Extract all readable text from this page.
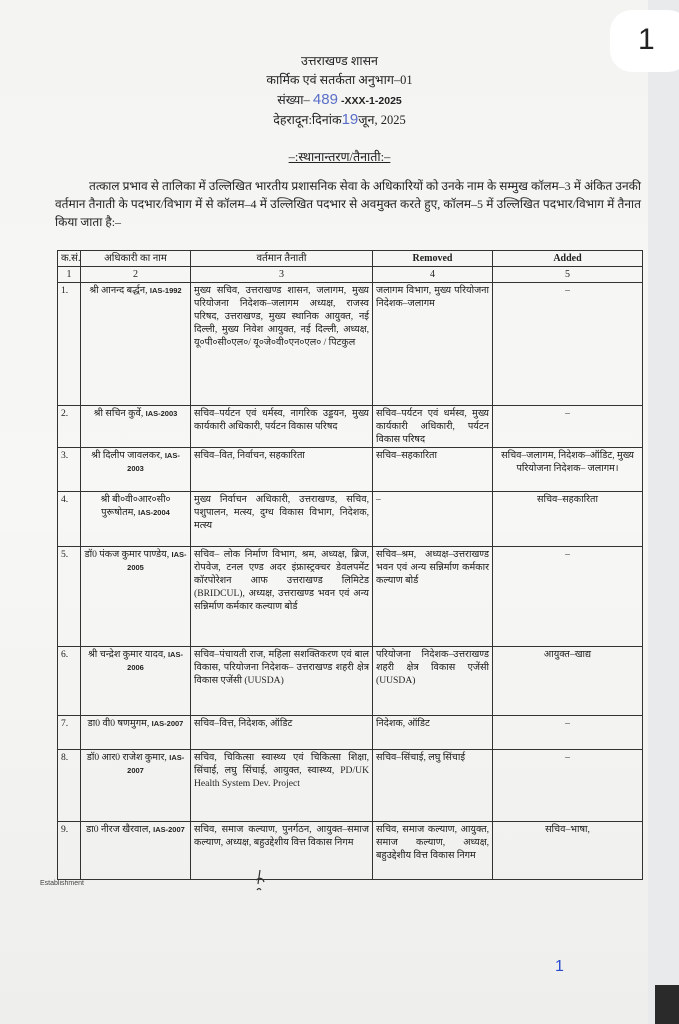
1
उत्तराखण्ड शासन
कार्मिक एवं सतर्कता अनुभाग–01
संख्या– 489 -XXX-1-2025
देहरादून:दिनांक19जून, 2025
–:स्थानान्तरण/तैनाती:–
तत्काल प्रभाव से तालिका में उल्लिखित भारतीय प्रशासनिक सेवा के अधिकारियों को उनके नाम के सम्मुख कॉलम–3 में अंकित उनकी वर्तमान तैनाती के पदभार/विभाग में से कॉलम–4 में उल्लिखित पदभार से अवमुक्त करते हुए, कॉलम–5 में उल्लिखित पदभार/विभाग में तैनात किया जाता है:–
क.सं.	अधिकारी का नाम	वर्तमान तैनाती	Removed	Added
1	2	3	4	5
1.	श्री आनन्द बर्द्धन, IAS-1992	मुख्य सचिव, उत्तराखण्ड शासन, जलागम, मुख्य परियोजना निदेशक–जलागम अध्यक्ष, राजस्व परिषद, उत्तराखण्ड, मुख्य स्थानिक आयुक्त, नई दिल्ली, मुख्य निवेश आयुक्त, नई दिल्ली, अध्यक्ष, यू०पी०सी०एल०/ यू०जे०वी०एन०एल० / पिटकुल	जलागम विभाग, मुख्य परियोजना निदेशक–जलागम	–
2.	श्री सचिन कुर्वे, IAS-2003	सचिव–पर्यटन एवं धर्मस्व, नागरिक उड्डयन, मुख्य कार्यकारी अधिकारी, पर्यटन विकास परिषद	सचिव–पर्यटन एवं धर्मस्व, मुख्य कार्यकारी अधिकारी, पर्यटन विकास परिषद	–
3.	श्री दिलीप जावलकर, IAS-2003	सचिव–वित, निर्वाचन, सहकारिता	सचिव–सहकारिता	सचिव–जलागम, निदेशक–ऑडिट, मुख्य परियोजना निदेशक– जलागम।
4.	श्री बी०वी०आर०सी० पुरूषोतम, IAS-2004	मुख्य निर्वाचन अधिकारी, उत्तराखण्ड, सचिव, पशुपालन, मत्स्य, दुग्ध विकास विभाग, निदेशक, मत्स्य	–	सचिव–सहकारिता
5.	डॉ0 पंकज कुमार पाण्डेय, IAS-2005	सचिव– लोक निर्माण विभाग, श्रम, अध्यक्ष, ब्रिज, रोपवेज, टनल एण्ड अदर इंफ्रास्ट्रक्चर डेवलपमेंट कॉरपोरेशन आफ उत्तराखण्ड लिमिटेड (BRIDCUL), अध्यक्ष, उत्तराखण्ड भवन एवं अन्य सन्निर्माण कर्मकार कल्याण बोर्ड	सचिव–श्रम, अध्यक्ष–उत्तराखण्ड भवन एवं अन्य सन्निर्माण कर्मकार कल्याण बोर्ड	–
6.	श्री चन्द्रेश कुमार यादव, IAS-2006	सचिव–पंचायती राज, महिला सशक्तिकरण एवं बाल विकास, परियोजना निदेशक– उत्तराखण्ड शहरी क्षेत्र विकास एजेंसी (UUSDA)	परियोजना निदेशक–उत्तराखण्ड शहरी क्षेत्र विकास एजेंसी (UUSDA)	आयुक्त–खाद्य
7.	डा0 वी0 षणमुगम, IAS-2007	सचिव–वित्त, निदेशक, ऑडिट	निदेशक, ऑडिट	–
8.	डॉ0 आर0 राजेश कुमार, IAS-2007	सचिव, चिकित्सा स्वास्थ्य एवं चिकित्सा शिक्षा, सिंचाई, लघु सिंचाई, आयुक्त, स्वास्थ्य, PD/UK Health System Dev. Project	सचिव–सिंचाई, लघु सिंचाई	–
9.	डा0 नीरज खैरवाल, IAS-2007	सचिव, समाज कल्याण, पुनर्गठन, आयुक्त–समाज कल्याण, अध्यक्ष, बहुउद्देशीय वित्त विकास निगम	सचिव, समाज कल्याण, आयुक्त, समाज कल्याण, अध्यक्ष, बहुउद्देशीय वित्त विकास निगम	सचिव–भाषा,
Establishment
1
